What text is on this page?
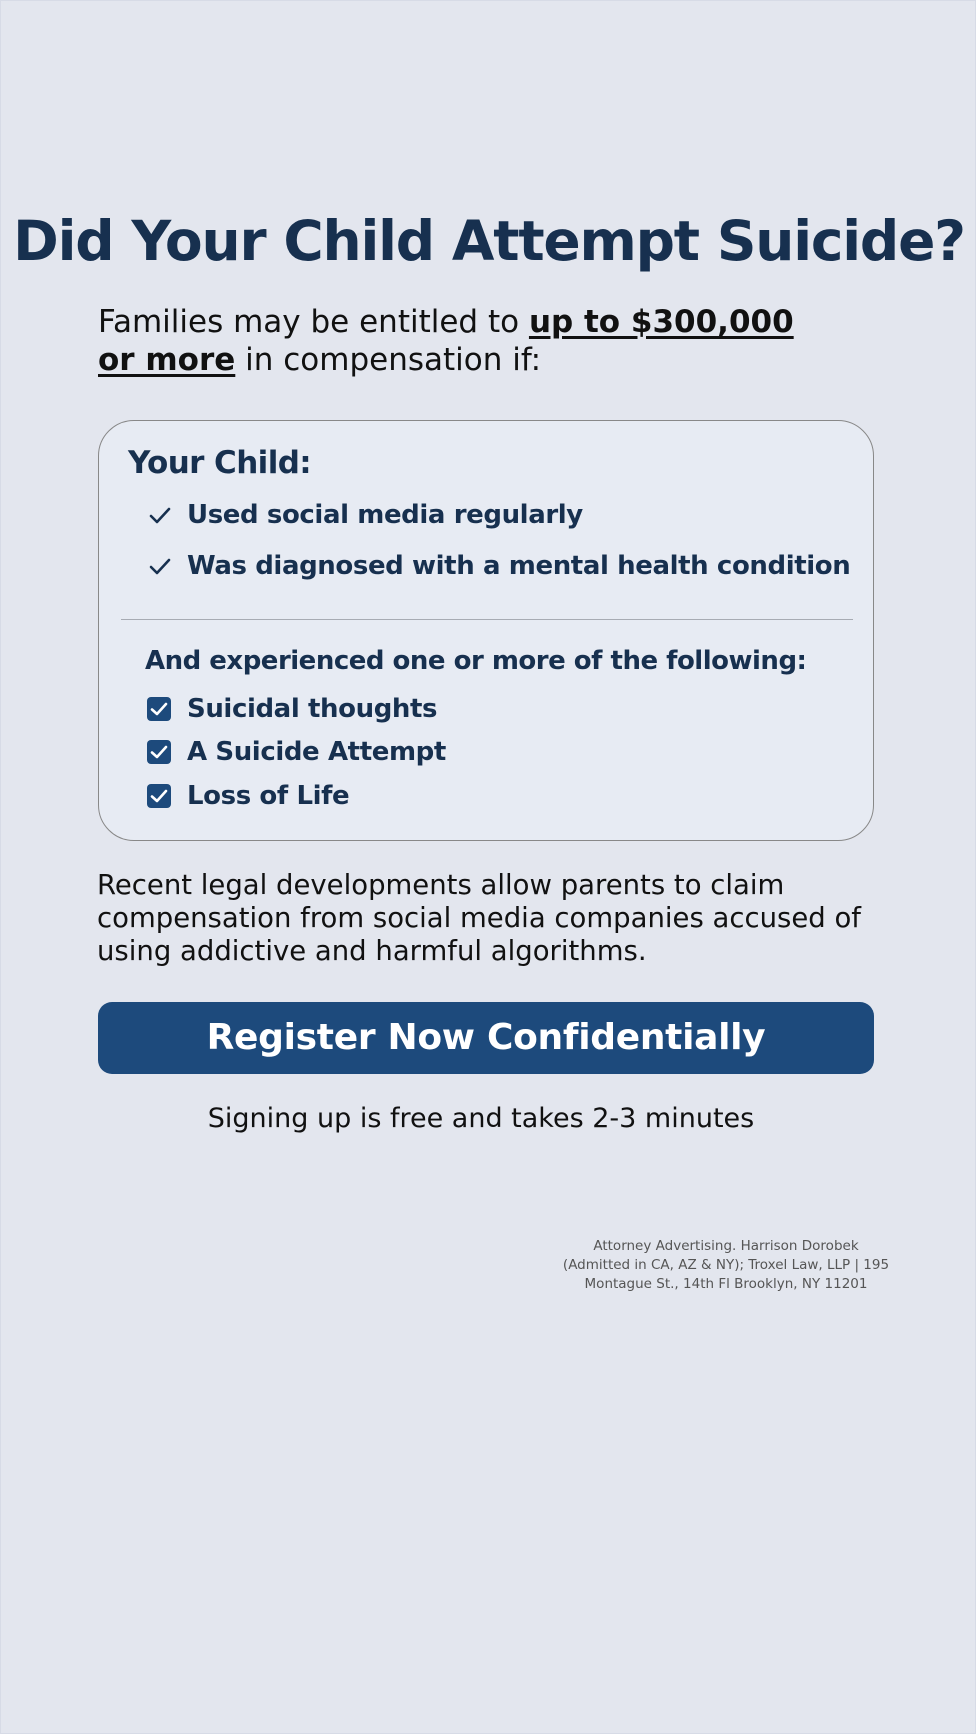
Did Your Child Attempt Suicide?

Families may be entitled to up to $300,000 or more in compensation if:

Your Child:
Used social media regularly
Was diagnosed with a mental health condition
And experienced one or more of the following:
Suicidal thoughts
A Suicide Attempt
Loss of Life

Recent legal developments allow parents to claim compensation from social media companies accused of using addictive and harmful algorithms.

Register Now Confidentially

Signing up is free and takes 2-3 minutes

Attorney Advertising. Harrison Dorobek (Admitted in CA, AZ & NY); Troxel Law, LLP | 195 Montague St., 14th Fl Brooklyn, NY 11201
